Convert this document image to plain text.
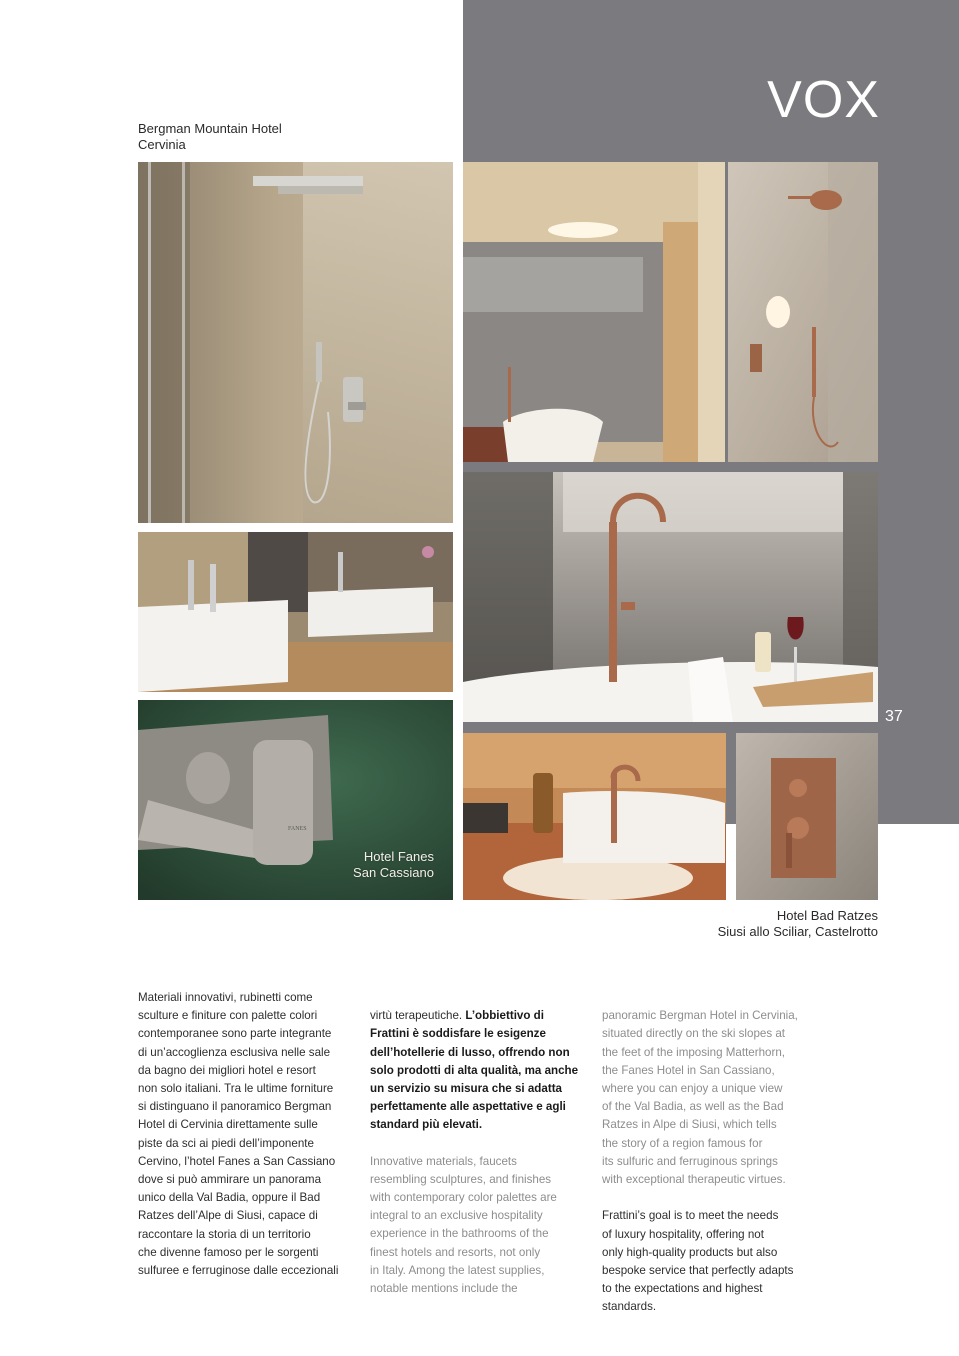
VOX
37
Bergman Mountain Hotel
Cervinia
FANES
Hotel Fanes
San Cassiano
Hotel Bad Ratzes
Siusi allo Sciliar, Castelrotto
Materiali innovativi, rubinetti come
sculture e finiture con palette colori
contemporanee sono parte integrante
di un’accoglienza esclusiva nelle sale
da bagno dei migliori hotel e resort
non solo italiani. Tra le ultime forniture
si distinguano il panoramico Bergman
Hotel di Cervinia direttamente sulle
piste da sci ai piedi dell’imponente
Cervino, l’hotel Fanes a San Cassiano
dove si può ammirare un panorama
unico della Val Badia, oppure il Bad
Ratzes dell’Alpe di Siusi, capace di
raccontare la storia di un territorio
che divenne famoso per le sorgenti
sulfuree e ferruginose dalle eccezionali

virtù terapeutiche. L’obbiettivo di
Frattini è soddisfare le esigenze
dell’hotellerie di lusso, offrendo non
solo prodotti di alta qualità, ma anche
un servizio su misura che si adatta
perfettamente alle aspettative e agli
standard più elevati.

Innovative materials, faucets
resembling sculptures, and finishes
with contemporary color palettes are
integral to an exclusive hospitality
experience in the bathrooms of the
finest hotels and resorts, not only
in Italy. Among the latest supplies,
notable mentions include the

panoramic Bergman Hotel in Cervinia,
situated directly on the ski slopes at
the feet of the imposing Matterhorn,
the Fanes Hotel in San Cassiano,
where you can enjoy a unique view
of the Val Badia, as well as the Bad
Ratzes in Alpe di Siusi, which tells
the story of a region famous for
its sulfuric and ferruginous springs
with exceptional therapeutic virtues.

Frattini’s goal is to meet the needs
of luxury hospitality, offering not
only high-quality products but also
bespoke service that perfectly adapts
to the expectations and highest
standards.
